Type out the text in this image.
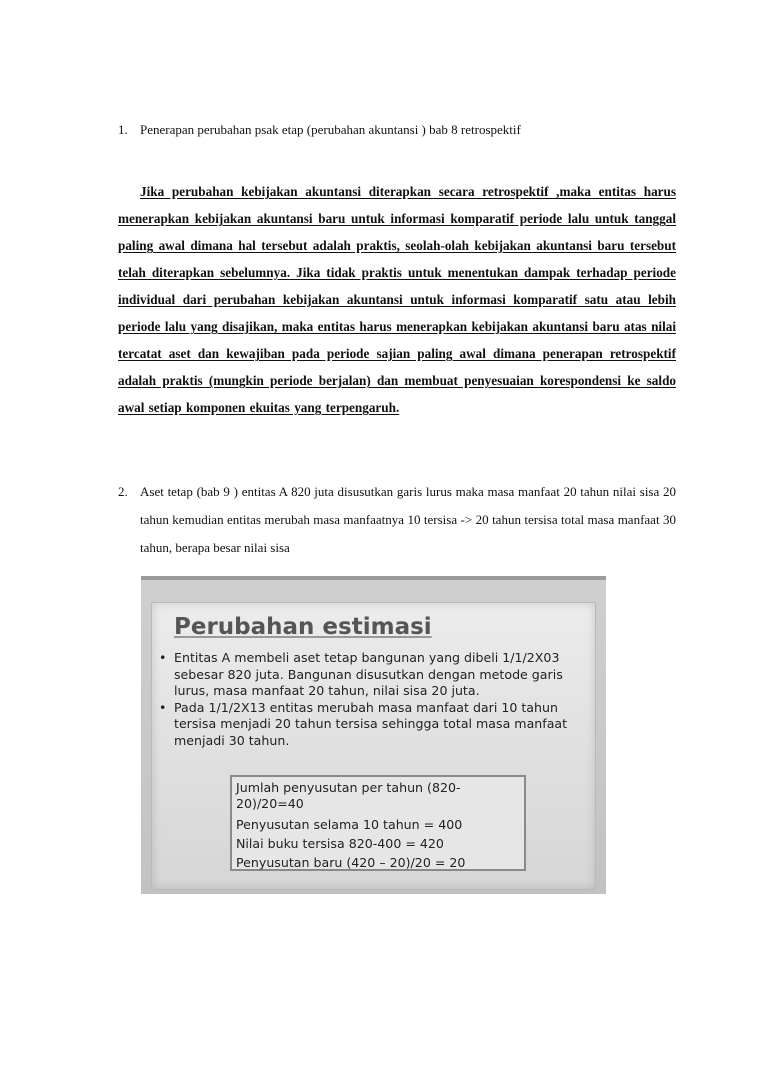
1. Penerapan perubahan psak etap (perubahan akuntansi ) bab 8 retrospektif
Jika perubahan kebijakan akuntansi diterapkan secara retrospektif ,maka entitas harus menerapkan kebijakan akuntansi baru untuk informasi komparatif periode lalu untuk tanggal paling awal dimana hal tersebut adalah praktis, seolah-olah kebijakan akuntansi baru tersebut telah diterapkan sebelumnya. Jika tidak praktis untuk menentukan dampak terhadap periode individual dari perubahan kebijakan akuntansi untuk informasi komparatif satu atau lebih periode lalu yang disajikan, maka entitas harus menerapkan kebijakan akuntansi baru atas nilai tercatat aset dan kewajiban pada periode sajian paling awal dimana penerapan retrospektif adalah praktis (mungkin periode berjalan) dan membuat penyesuaian korespondensi ke saldo awal setiap komponen ekuitas yang terpengaruh.
2. Aset tetap (bab 9 ) entitas A 820 juta disusutkan garis lurus maka masa manfaat 20 tahun nilai sisa 20 tahun kemudian entitas merubah masa manfaatnya 10 tersisa -> 20 tahun tersisa total masa manfaat 30 tahun, berapa besar nilai sisa
Perubahan estimasi
• Entitas A membeli aset tetap bangunan yang dibeli 1/1/2X03 sebesar 820 juta. Bangunan disusutkan dengan metode garis lurus, masa manfaat 20 tahun, nilai sisa 20 juta.
• Pada 1/1/2X13 entitas merubah masa manfaat dari 10 tahun tersisa menjadi 20 tahun tersisa sehingga total masa manfaat menjadi 30 tahun.
Jumlah penyusutan per tahun (820-20)/20=40
Penyusutan selama 10 tahun = 400
Nilai buku tersisa 820-400 = 420
Penyusutan baru (420 – 20)/20 = 20
